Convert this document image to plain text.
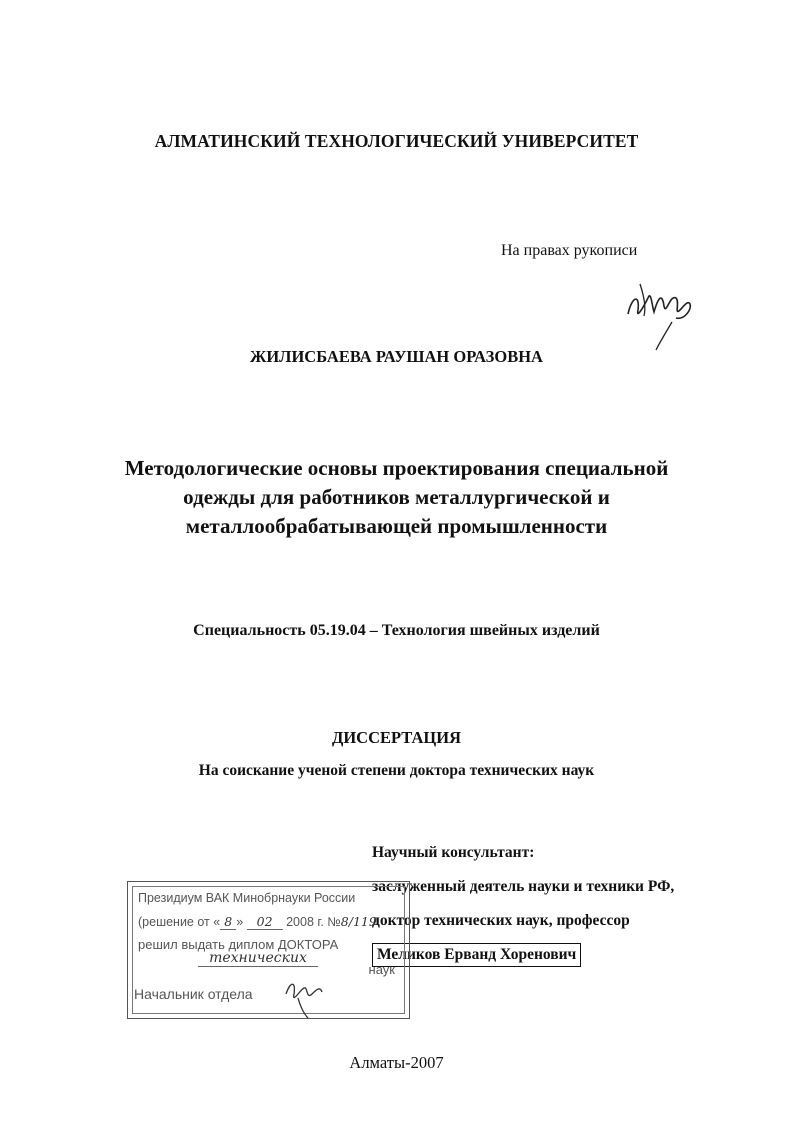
АЛМАТИНСКИЙ ТЕХНОЛОГИЧЕСКИЙ УНИВЕРСИТЕТ
На правах рукописи
ЖИЛИСБАЕВА РАУШАН ОРАЗОВНА
Методологические основы проектирования специальной
одежды для работников металлургической и
металлообрабатывающей промышленности
Специальность 05.19.04 – Технология швейных изделий
ДИССЕРТАЦИЯ
На соискание ученой степени доктора технических наук
Научный консультант:
заслуженный деятель науки и техники РФ,
доктор технических наук, профессор
Меликов Ерванд Хоренович
Президиум ВАК Минобрнауки России
(решение от « 8 » 02 2008 г. №8/119
решил выдать диплом ДОКТОРА
технических
наук
Начальник отдела
Алматы-2007
